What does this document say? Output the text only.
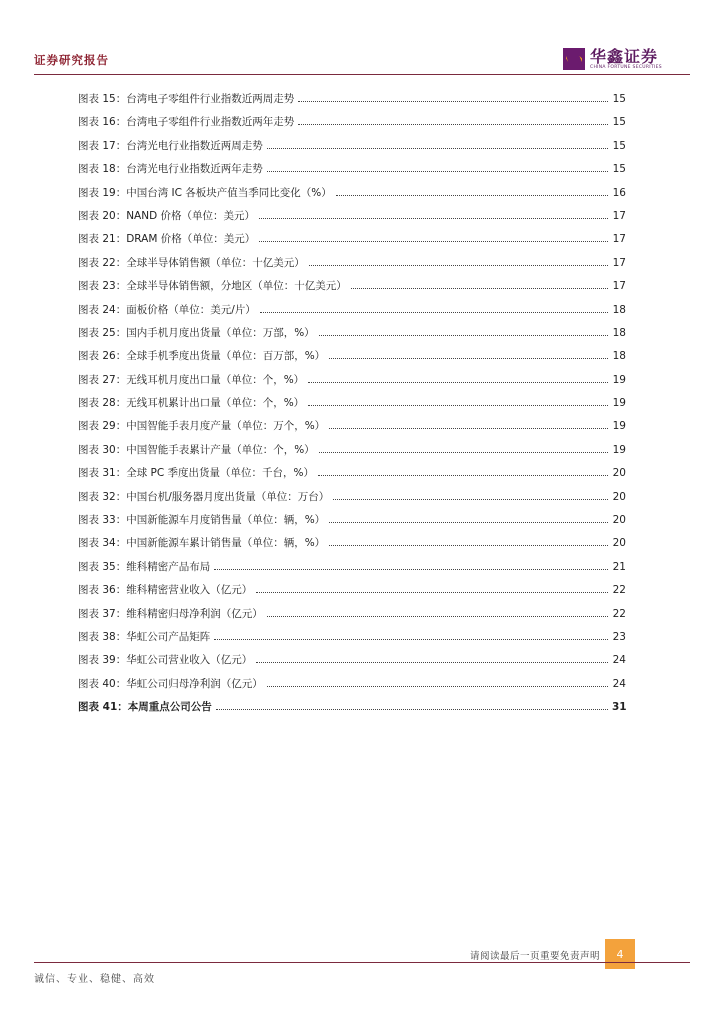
证券研究报告	华鑫证券
CHINA FORTUNE SECURITIES
图表 15：台湾电子零组件行业指数近两周走势	15
图表 16：台湾电子零组件行业指数近两年走势	15
图表 17：台湾光电行业指数近两周走势	15
图表 18：台湾光电行业指数近两年走势	15
图表 19：中国台湾 IC 各板块产值当季同比变化（%）	16
图表 20：NAND 价格（单位：美元）	17
图表 21：DRAM 价格（单位：美元）	17
图表 22：全球半导体销售额（单位：十亿美元）	17
图表 23：全球半导体销售额，分地区（单位：十亿美元）	17
图表 24：面板价格（单位：美元/片）	18
图表 25：国内手机月度出货量（单位：万部，%）	18
图表 26：全球手机季度出货量（单位：百万部，%）	18
图表 27：无线耳机月度出口量（单位：个，%）	19
图表 28：无线耳机累计出口量（单位：个，%）	19
图表 29：中国智能手表月度产量（单位：万个，%）	19
图表 30：中国智能手表累计产量（单位：个，%）	19
图表 31：全球 PC 季度出货量（单位：千台，%）	20
图表 32：中国台机/服务器月度出货量（单位：万台）	20
图表 33：中国新能源车月度销售量（单位：辆，%）	20
图表 34：中国新能源车累计销售量（单位：辆，%）	20
图表 35：维科精密产品布局	21
图表 36：维科精密营业收入（亿元）	22
图表 37：维科精密归母净利润（亿元）	22
图表 38：华虹公司产品矩阵	23
图表 39：华虹公司营业收入（亿元）	24
图表 40：华虹公司归母净利润（亿元）	24
图表 41：本周重点公司公告	31
请阅读最后一页重要免责声明	4
诚信、专业、稳健、高效
